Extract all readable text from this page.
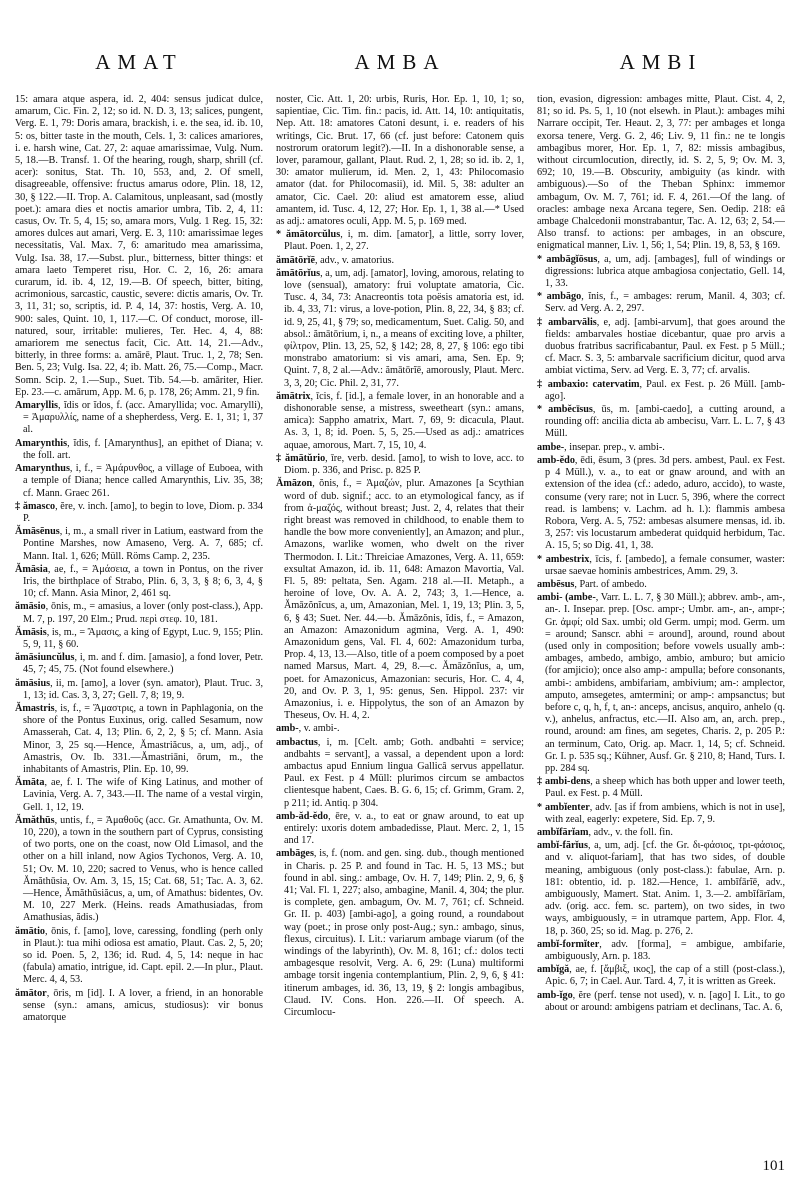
AMAT	AMBA	AMBI

15: amara atque aspera, id. 2, 404: sensus judicat dulce, amarum, Cic. Fin. 2, 12; so id. N. D. 3, 13; salices, pungent, Verg. E. 1, 79: Doris amara, brackish, i. e. the sea, id. ib. 10, 5: os, bitter taste in the mouth, Cels. 1, 3: calices amariores, i. e. harsh wine, Cat. 27, 2: aquae amarissimae, Vulg. Num. 5, 18.—B. Transf. 1. Of the hearing, rough, sharp, shrill (cf. acer): sonitus, Stat. Th. 10, 553, and, 2. Of smell, disagreeable, offensive: fructus amarus odore, Plin. 18, 12, 30, § 122.—II. Trop. A. Calamitous, unpleasant, sad (mostly poet.): amara dies et noctis amarior umbra, Tib. 2, 4, 11: casus, Ov. Tr. 5, 4, 15; so, amara mors, Vulg. 1 Reg. 15, 32: amores dulces aut amari, Verg. E. 3, 110: amarissimae leges necessitatis, Val. Max. 7, 6: amaritudo mea amarissima, Vulg. Isa. 38, 17.—Subst. plur., bitterness, bitter things: et amara laeto Temperet risu, Hor. C. 2, 16, 26: amara curarum, id. ib. 4, 12, 19.—B. Of speech, bitter, biting, acrimonious, sarcastic, caustic, severe: dictis amaris, Ov. Tr. 3, 11, 31; so, scriptis, id. P. 4, 14, 37: hostis, Verg. A. 10, 900: sales, Quint. 10, 1, 117.—C. Of conduct, morose, ill-natured, sour, irritable: mulieres, Ter. Hec. 4, 4, 88: amariorem me senectus facit, Cic. Att. 14, 21.—Adv., bitterly, in three forms: a. amārē, Plaut. Truc. 1, 2, 78; Sen. Ben. 5, 23; Vulg. Isa. 22, 4; ib. Matt. 26, 75.—Comp., Macr. Somn. Scip. 2, 1.—Sup., Suet. Tib. 54.—b. amāriter, Hier. Ep. 23.—c. amārum, App. M. 6, p. 178, 26; Amm. 21, 9 fin.

Amaryllis, ĭdis or ĭdos, f. (acc. Amaryllida; voc. Amarylli), = Ἀμαρυλλίς, name of a shepherdess, Verg. E. 1, 31; 1, 37 al.

Amarynthis, ĭdis, f. [Amarynthus], an epithet of Diana; v. the foll. art.

Amarynthus, i, f., = Ἀμάρυνθος, a village of Euboea, with a temple of Diana; hence called Amarynthis, Liv. 35, 38; cf. Mann. Graec 261.

‡ ămasco, ĕre, v. inch. [amo], to begin to love, Diom. p. 334 P.

Ămāsēnus, i, m., a small river in Latium, eastward from the Pontine Marshes, now Amaseno, Verg. A. 7, 685; cf. Mann. Ital. 1, 626; Müll. Röms Camp. 2, 235.

Ămāsia, ae, f., = Ἀμάσεια, a town in Pontus, on the river Iris, the birthplace of Strabo, Plin. 6, 3, 3, § 8; 6, 3, 4, § 10; cf. Mann. Asia Minor, 2, 461 sq.

ămāsio, ōnis, m., = amasius, a lover (only post-class.), App. M. 7, p. 197, 20 Elm.; Prud. περὶ στεφ. 10, 181.

Ămāsis, is, m., = Ἄμασις, a king of Egypt, Luc. 9, 155; Plin. 5, 9, 11, § 60.

ămāsiuncŭlus, i, m. and f. dim. [amasio], a fond lover, Petr. 45, 7; 45, 75. (Not found elsewhere.)

ămāsius, ii, m. [amo], a lover (syn. amator), Plaut. Truc. 3, 1, 13; id. Cas. 3, 3, 27; Gell. 7, 8; 19, 9.

Ămastris, is, f., = Ἄμαστρις, a town in Paphlagonia, on the shore of the Pontus Euxinus, orig. called Sesamum, now Amasserah, Cat. 4, 13; Plin. 6, 2, 2, § 5; cf. Mann. Asia Minor, 3, 25 sq.—Hence, Ămastriăcus, a, um, adj., of Amastris, Ov. Ib. 331.—Ămastriāni, ōrum, m., the inhabitants of Amastris, Plin. Ep. 10, 99.

Ămāta, ae, f. I. The wife of King Latinus, and mother of Lavinia, Verg. A. 7, 343.—II. The name of a vestal virgin, Gell. 1, 12, 19.

Ămăthūs, untis, f., = Ἀμαθοῦς (acc. Gr. Amathunta, Ov. M. 10, 220), a town in the southern part of Cyprus, consisting of two ports, one on the coast, now Old Limasol, and the other on a hill inland, now Agios Tychonos, Verg. A. 10, 51; Ov. M. 10, 220; sacred to Venus, who is hence called Ămăthūsia, Ov. Am. 3, 15, 15; Cat. 68, 51; Tac. A. 3, 62.—Hence, Ămăthūsiăcus, a, um, of Amathus: bidentes, Ov. M. 10, 227 Merk. (Heins. reads Amathusiadas, from Amathusias, ădis.)

ămātio, ōnis, f. [amo], love, caressing, fondling (perh only in Plaut.): tua mihi odiosa est amatio, Plaut. Cas. 2, 5, 20; so id. Poen. 5, 2, 136; id. Rud. 4, 5, 14: neque in hac (fabula) amatio, intrigue, id. Capt. epil. 2.—In plur., Plaut. Merc. 4, 4, 53.

ămātor, ōris, m [id]. I. A lover, a friend, in an honorable sense (syn.: amans, amicus, studiosus): vir bonus amatorque

noster, Cic. Att. 1, 20: urbis, Ruris, Hor. Ep. 1, 10, 1; so, sapientiae, Cic. Tim. fin.: pacis, id. Att. 14, 10: antiquitatis, Nep. Att. 18: amatores Catoni desunt, i. e. readers of his writings, Cic. Brut. 17, 66 (cf. just before: Catonem quis nostrorum oratorum legit?).—II. In a dishonorable sense, a lover, paramour, gallant, Plaut. Rud. 2, 1, 28; so id. ib. 2, 1, 30: amator mulierum, id. Men. 2, 1, 43: Philocomasio amator (dat. for Philocomasii), id. Mil. 5, 38: adulter an amator, Cic. Cael. 20: aliud est amatorem esse, aliud amantem, id. Tusc. 4, 12, 27; Hor. Ep. 1, 1, 38 al.—* Used as adj.: amatores oculi, App. M. 5, p. 169 med.

* ămātorcŭlus, i, m. dim. [amator], a little, sorry lover, Plaut. Poen. 1, 2, 27.

ămātōrĭē, adv., v. amatorius.

ămātōrĭus, a, um, adj. [amator], loving, amorous, relating to love (sensual), amatory: frui voluptate amatoria, Cic. Tusc. 4, 34, 73: Anacreontis tota poësis amatoria est, id. ib. 4, 33, 71: virus, a love-potion, Plin. 8, 22, 34, § 83; cf. id. 9, 25, 41, § 79; so, medicamentum, Suet. Calig. 50, and absol.: ămātōrium, i, n., a means of exciting love, a philter, φίλτρον, Plin. 13, 25, 52, § 142; 28, 8, 27, § 106: ego tibi monstrabo amatorium: si vis amari, ama, Sen. Ep. 9; Quint. 7, 8, 2 al.—Adv.: ămātōrĭē, amorously, Plaut. Merc. 3, 3, 20; Cic. Phil. 2, 31, 77.

ămātrix, īcis, f. [id.], a female lover, in an honorable and a dishonorable sense, a mistress, sweetheart (syn.: amans, amica): Sappho amatrix, Mart. 7, 69, 9: dicacula, Plaut. As. 3, 1, 8; id. Poen. 5, 5, 25.—Used as adj.: amatrices aquae, amorous, Mart. 7, 15, 10, 4.

‡ ămātŭrio, īre, verb. desid. [amo], to wish to love, acc. to Diom. p. 336, and Prisc. p. 825 P.

Ămāzon, ŏnis, f., = Ἀμαζών, plur. Amazones [a Scythian word of dub. signif.; acc. to an etymological fancy, as if from ἀ-μαζός, without breast; Just. 2, 4, relates that their right breast was removed in childhood, to enable them to handle the bow more conveniently], an Amazon; and plur., Amazons, warlike women, who dwelt on the river Thermodon. I. Lit.: Threiciae Amazones, Verg. A. 11, 659: exsultat Amazon, id. ib. 11, 648: Amazon Mavortia, Val. Fl. 5, 89: peltata, Sen. Agam. 218 al.—II. Metaph., a heroine of love, Ov. A. A. 2, 743; 3, 1.—Hence, a. Ămāzŏnĭcus, a, um, Amazonian, Mel. 1, 19, 13; Plin. 3, 5, 6, § 43; Suet. Ner. 44.—b. Ămāzŏnis, ĭdis, f., = Amazon, an Amazon: Amazonidum agmina, Verg. A. 1, 490: Amazonidum gens, Val. Fl. 4, 602: Amazonidum turba, Prop. 4, 13, 13.—Also, title of a poem composed by a poet named Marsus, Mart. 4, 29, 8.—c. Ămāzŏnĭus, a, um, poet. for Amazonicus, Amazonian: securis, Hor. C. 4, 4, 20, and Ov. P. 3, 1, 95: genus, Sen. Hippol. 237: vir Amazonius, i. e. Hippolytus, the son of an Amazon by Theseus, Ov. H. 4, 2.

amb-, v. ambi-.

ambactus, i, m. [Celt. amb; Goth. andbahti = service; andbahts = servant], a vassal, a dependent upon a lord: ambactus apud Ennium lingua Gallicâ servus appellatur. Paul. ex Fest. p 4 Müll: plurimos circum se ambactos clientesque habent, Caes. B. G. 6, 15; cf. Grimm, Gram. 2, p 211; id. Antiq. p 304.

amb-ăd-ĕdo, ēre, v. a., to eat or gnaw around, to eat up entirely: uxoris dotem ambadedisse, Plaut. Merc. 2, 1, 15 and 17.

ambāges, is, f. (nom. and gen. sing. dub., though mentioned in Charis. p. 25 P. and found in Tac. H. 5, 13 MS.; but found in abl. sing.: ambage, Ov. H. 7, 149; Plin. 2, 9, 6, § 41; Val. Fl. 1, 227; also, ambagine, Manil. 4, 304; the plur. is complete, gen. ambagum, Ov. M. 7, 761; cf. Schneid. Gr. II. p. 403) [ambi-ago], a going round, a roundabout way (poet.; in prose only post-Aug.; syn.: ambago, sinus, flexus, circuitus). I. Lit.: variarum ambage viarum (of the windings of the labyrinth), Ov. M. 8, 161; cf.: dolos tecti ambagesque resolvit, Verg. A. 6, 29: (Luna) multiformi ambage torsit ingenia contemplantium, Plin. 2, 9, 6, § 41: itinerum ambages, id. 36, 13, 19, § 2: longis ambagibus, Claud. IV. Cons. Hon. 226.—II. Of speech. A. Circumlocu-

tion, evasion, digression: ambages mitte, Plaut. Cist. 4, 2, 81; so id. Ps. 5, 1, 10 (not elsewh. in Plaut.): ambages mihi Narrare occipit, Ter. Heaut. 2, 3, 77: per ambages et longa exorsa tenere, Verg. G. 2, 46; Liv. 9, 11 fin.: ne te longis ambagibus morer, Hor. Ep. 1, 7, 82: missis ambagibus, without circumlocution, directly, id. S. 2, 5, 9; Ov. M. 3, 692; 10, 19.—B. Obscurity, ambiguity (as kindr. with ambiguous).—So of the Theban Sphinx: immemor ambagum, Ov. M. 7, 761; id. F. 4, 261.—Of the lang. of oracles: ambage nexa Arcana tegere, Sen. Oedip. 218: eâ ambage Chalcedonii monstrabantur, Tac. A. 12, 63; 2, 54.—Also transf. to actions: per ambages, in an obscure, enigmatical manner, Liv. 1, 56; 1, 54; Plin. 19, 8, 53, § 169.

* ambāgĭōsus, a, um, adj. [ambages], full of windings or digressions: lubrica atque ambagiosa conjectatio, Gell. 14, 1, 33.

* ambāgo, ĭnis, f., = ambages: rerum, Manil. 4, 303; cf. Serv. ad Verg. A. 2, 297.

‡ ambarvālis, e, adj. [ambi-arvum], that goes around the fields: ambarvales hostiae dicebantur, quae pro arvis a duobus fratribus sacrificabantur, Paul. ex Fest. p 5 Müll.; cf. Macr. S. 3, 5: ambarvale sacrificium dicitur, quod arva ambiat victima, Serv. ad Verg. E. 3, 77; cf. arvalis.

‡ ambaxio: catervatim, Paul. ex Fest. p. 26 Müll. [amb-ago].

* ambĕcīsus, ūs, m. [ambi-caedo], a cutting around, a rounding off: ancilia dicta ab ambecisu, Varr. L. L. 7, § 43 Müll.

ambe-, insepar. prep., v. ambi-.

amb-ĕdo, ēdi, ēsum, 3 (pres. 3d pers. ambest, Paul. ex Fest. p 4 Müll.), v. a., to eat or gnaw around, and with an extension of the idea (cf.: adedo, aduro, accido), to waste, consume (very rare; not in Lucr. 5, 396, where the correct read. is lambens; v. Lachm. ad h. l.): flammis ambesa Robora, Verg. A. 5, 752: ambesas alsumere mensas, id. ib. 3, 257: vis locustarum ambederat quidquid herbidum, Tac. A. 15, 5; so Dig. 41, 1, 38.

* ambestrix, īcis, f. [ambedo], a female consumer, waster: ursae saevae hominis ambestrices, Amm. 29, 3.

ambēsus, Part. of ambedo.

ambi- (ambe-, Varr. L. L. 7, § 30 Müll.); abbrev. amb-, am-, an-. I. Insepar. prep. [Osc. ampr-; Umbr. am-, an-, ampr-; Gr. ἀμφί; old Sax. umbi; old Germ. umpi; mod. Germ. um = around; Sanscr. abhi = around], around, round about (used only in composition; before vowels usually amb-: ambages, ambedo, ambigo, ambio, amburo; but amicio (for amjicio); once also amp-: ampulla; before consonants, ambi-: ambidens, ambifariam, ambivium; am-: amplector, amputo, amsegetes, amtermini; or amp-: ampsanctus; but before c, q, h, f, t, an-: anceps, ancisus, anquiro, anhelo (q. v.), anhelus, anfractus, etc.—II. Also am, an, arch. prep., round, around: am fines, am segetes, Charis. 2, p. 205 P.: an terminum, Cato, Orig. ap. Macr. 1, 14, 5; cf. Schneid. Gr. I. p. 535 sq.; Kühner, Ausf. Gr. § 210, 8; Hand, Turs. I. pp. 284 sq.

‡ ambi-dens, a sheep which has both upper and lower teeth, Paul. ex Fest. p. 4 Müll.

* ambĭenter, adv. [as if from ambiens, which is not in use], with zeal, eagerly: expetere, Sid. Ep. 7, 9.

ambĭfārĭam, adv., v. the foll. fin.

ambĭ-fārĭus, a, um, adj. [cf. the Gr. δι-φάσιος, τρι-φάσιος, and v. aliquot-fariam], that has two sides, of double meaning, ambiguous (only post-class.): fabulae, Arn. p. 181: obtentio, id. p. 182.—Hence, 1. ambĭfārĭē, adv., ambiguously, Mamert. Stat. Anim. 1, 3.—2. ambĭfārĭam, adv. (orig. acc. fem. sc. partem), on two sides, in two ways, ambiguously, = in utramque partem, App. Flor. 4, 18, p. 360, 25; so id. Mag. p. 276, 2.

ambĭ-formĭter, adv. [forma], = ambigue, ambifarie, ambiguously, Arn. p. 183.

ambĭgă, ae, f. [ἄμβιξ, ικος], the cap of a still (post-class.), Apic. 6, 7; in Cael. Aur. Tard. 4, 7, it is written as Greek.

amb-ĭgo, ĕre (perf. tense not used), v. n. [ago] I. Lit., to go about or around: ambigens patriam et declinans, Tac. A. 6,

101
